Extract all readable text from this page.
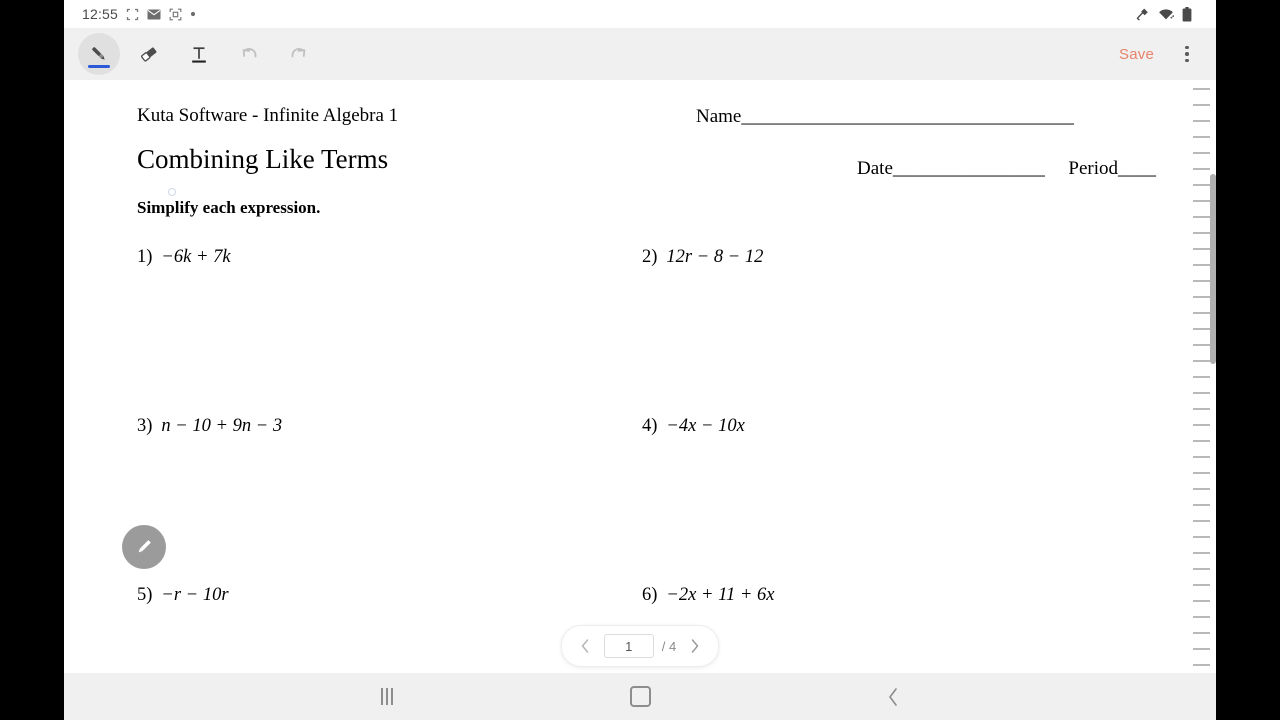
12:55
Save
Kuta Software - Infinite Algebra 1
Combining Like Terms
Simplify each expression.
Name___________________________________
Date________________ Period____
1) −6k + 7k	2) 12r − 8 − 12
3) n − 10 + 9n − 3	4) −4x − 10x
5) −r − 10r	6) −2x + 11 + 6x
1
/ 4
